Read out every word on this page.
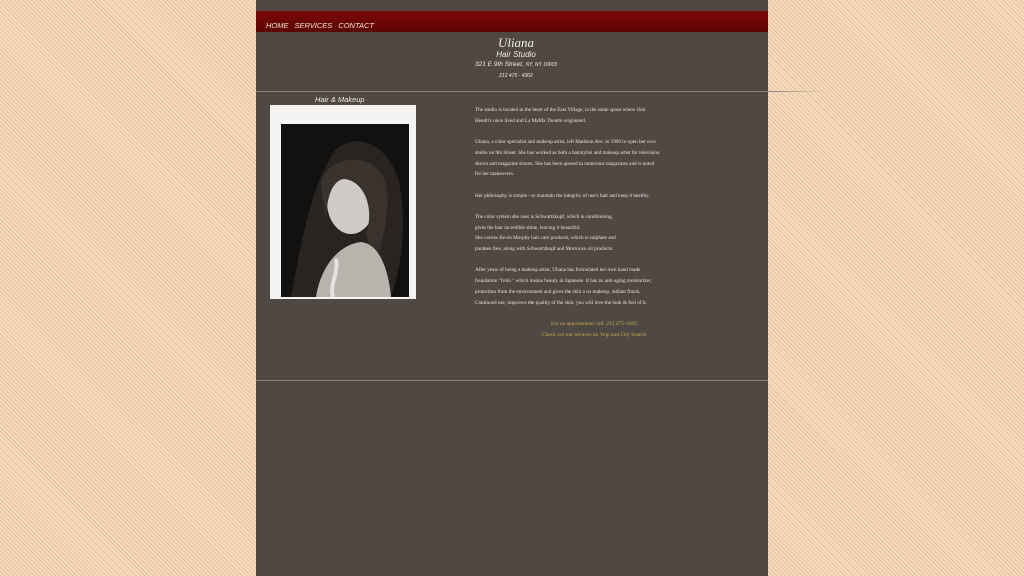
HOME SERVICES CONTACT
Uliana
Hair Studio
321 E 9th Street, NY, NY 10003
212 475 - 4302
Hair & Makeup

The studio is located in the heart of the East Village, in the same space where Jimi
Hendrix once lived and La MaMa Theatre originated.

Uliana, a color specialist and makeup artist, left Madison Ave. in 1996 to open her own
studio on 9th Street. She has worked as both a hairstylist and makeup artist for television
shows and magazine shoots. She has been quoted in numerous magazines and is noted
for her makeovers.

Her philosophy is simple - to maintain the integrity of one's hair and keep it healthy.

The color system she uses is Schwartzkopf, which is conditioning,
gives the hair incredible shine, leaving it beautiful.
She carries Kevin Murphy hair care products, which is sulphate and
paraben free, along with Schwartzkopf and Morrocan oil products.

After years of being a makeup artist, Uliana has formulated her own hand made
foundation "Iroki " which means beauty in Japanese. It has an anti-aging moisturizer,
protection from the environment and gives the skin a no makeup, radiant finish.
Continued use, improves the quality of the skin; you will love the look & feel of it.

For an appointment call: 212 475-4302
Check out our reviews on Yelp and City Search
